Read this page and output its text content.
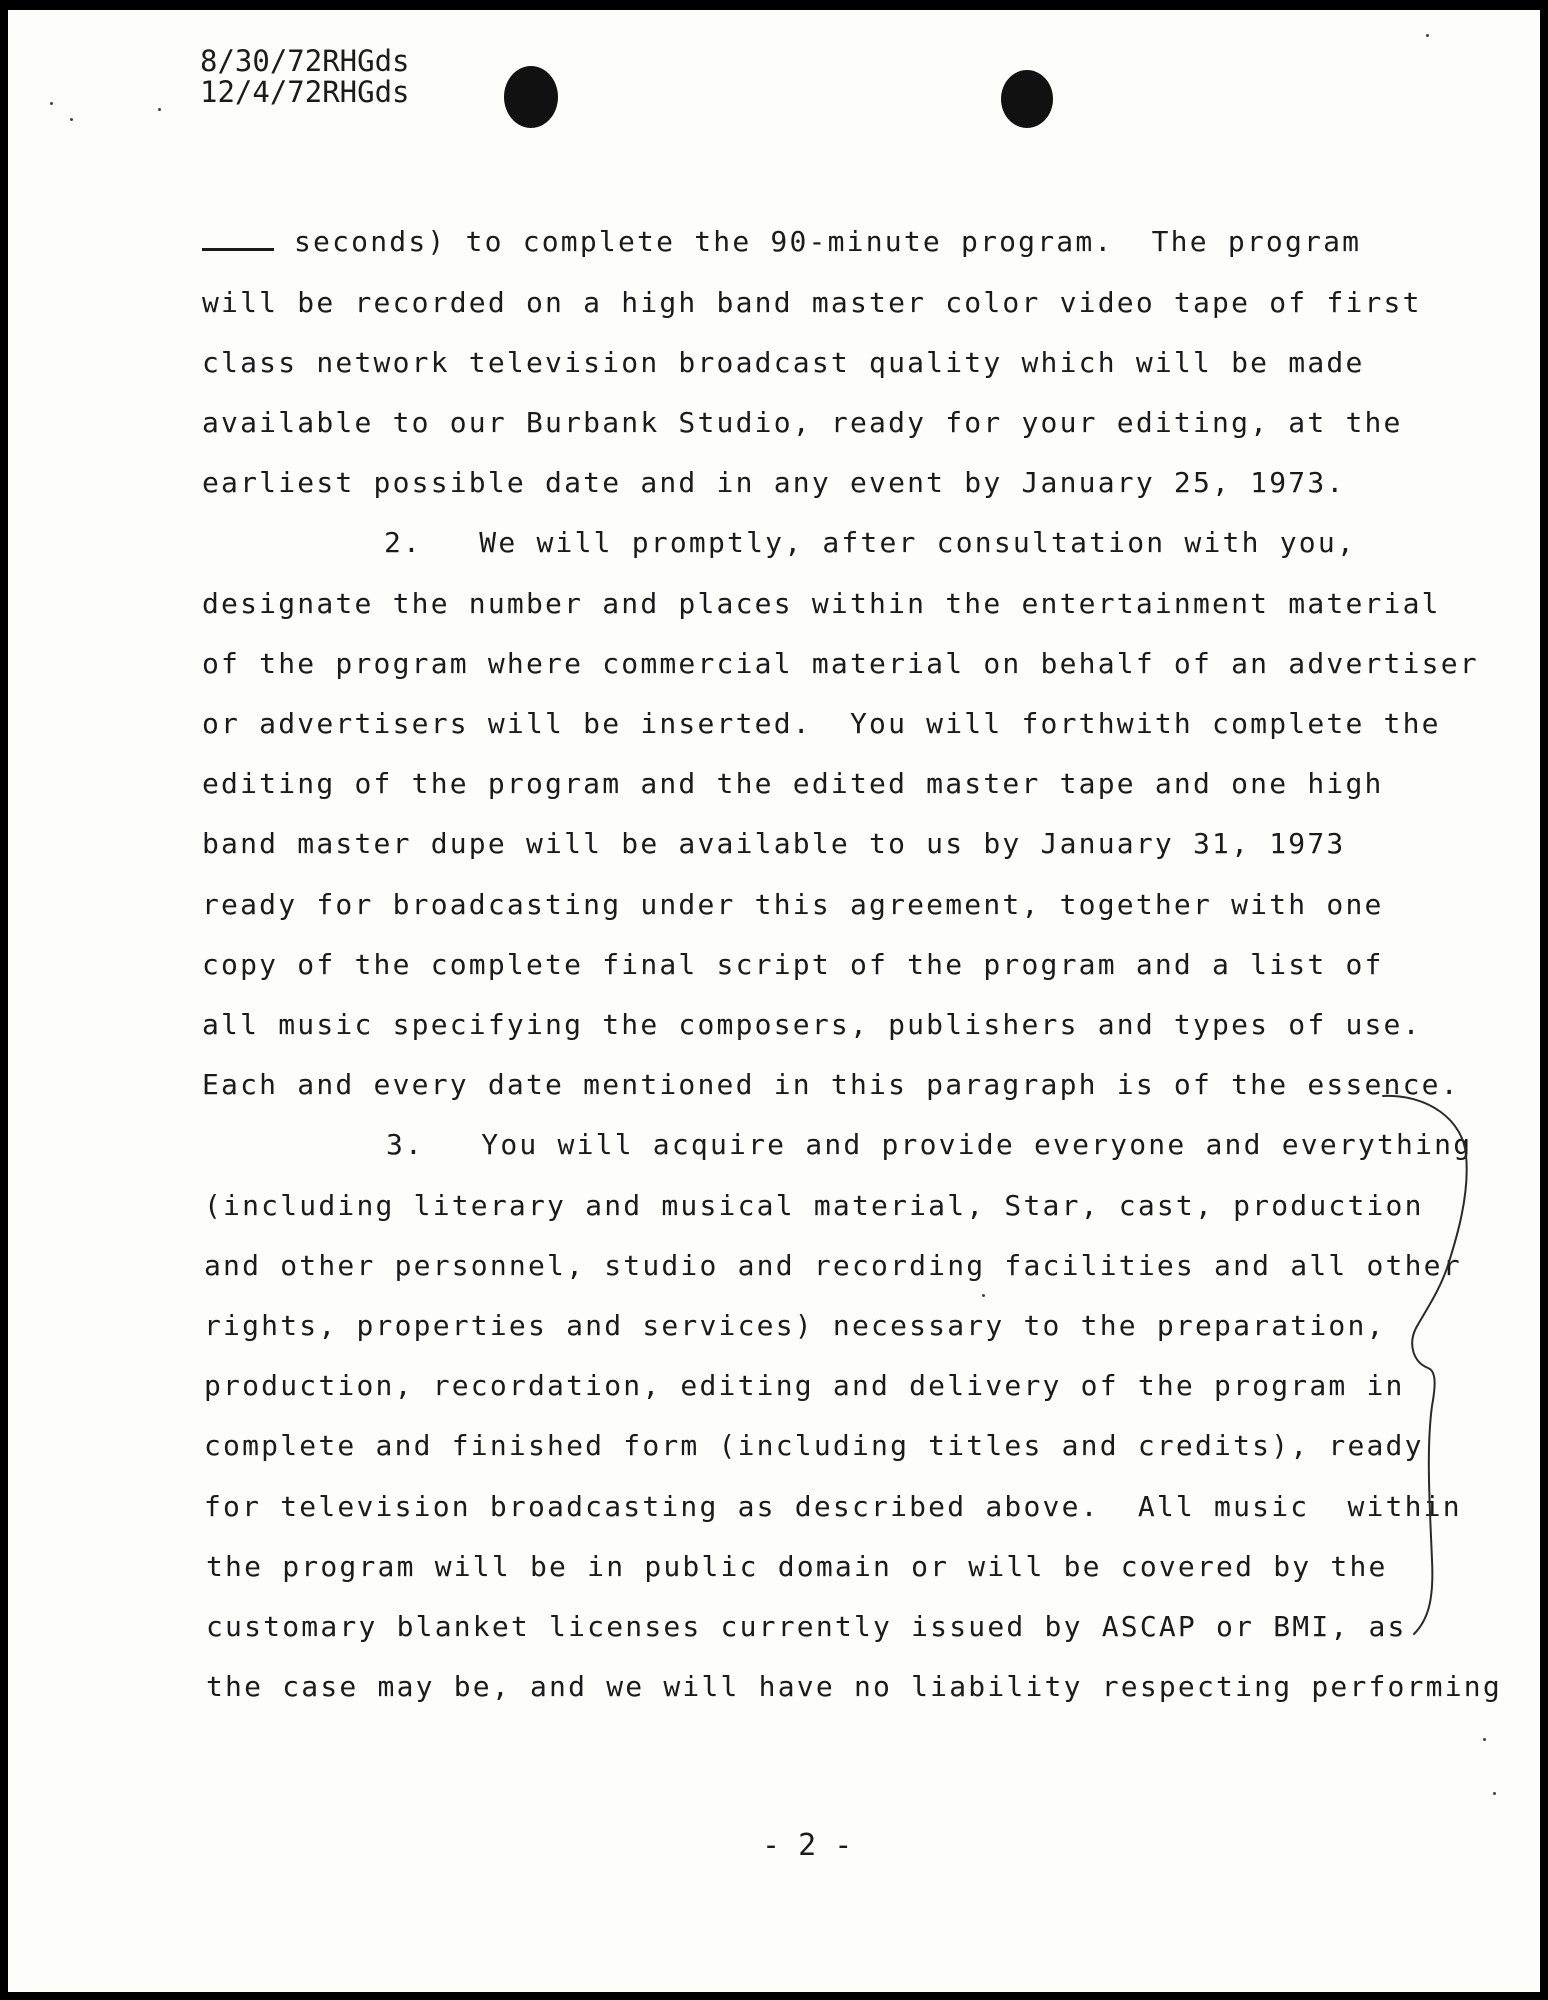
8/30/72RHGds
12/4/72RHGds
seconds) to complete the 90-minute program.  The program
will be recorded on a high band master color video tape of first
class network television broadcast quality which will be made
available to our Burbank Studio, ready for your editing, at the
earliest possible date and in any event by January 25, 1973.
2.   We will promptly, after consultation with you,
designate the number and places within the entertainment material
of the program where commercial material on behalf of an advertiser
or advertisers will be inserted.  You will forthwith complete the
editing of the program and the edited master tape and one high
band master dupe will be available to us by January 31, 1973
ready for broadcasting under this agreement, together with one
copy of the complete final script of the program and a list of
all music specifying the composers, publishers and types of use.
Each and every date mentioned in this paragraph is of the essence.
3.   You will acquire and provide everyone and everything
(including literary and musical material, Star, cast, production
and other personnel, studio and recording facilities and all other
rights, properties and services) necessary to the preparation,
production, recordation, editing and delivery of the program in
complete and finished form (including titles and credits), ready
for television broadcasting as described above.  All music  within
the program will be in public domain or will be covered by the
customary blanket licenses currently issued by ASCAP or BMI, as
the case may be, and we will have no liability respecting performing
- 2 -
